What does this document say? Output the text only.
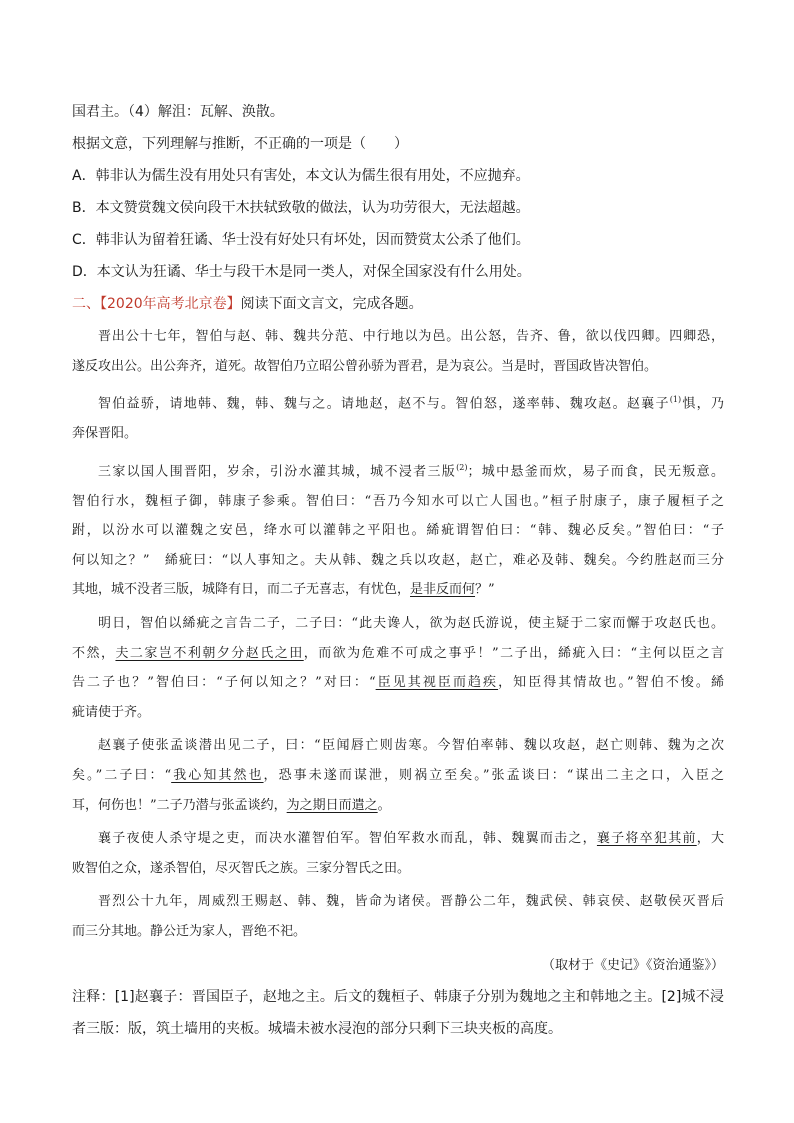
国君主。（4）解沮：瓦解、涣散。
根据文意，下列理解与推断，不正确的一项是（　　）
A．韩非认为儒生没有用处只有害处，本文认为儒生很有用处，不应抛弃。
B．本文赞赏魏文侯向段干木扶轼致敬的做法，认为功劳很大，无法超越。
C．韩非认为留着狂谲、华士没有好处只有坏处，因而赞赏太公杀了他们。
D．本文认为狂谲、华士与段干木是同一类人，对保全国家没有什么用处。
二、【2020年高考北京卷】阅读下面文言文，完成各题。
晋出公十七年，智伯与赵、韩、魏共分范、中行地以为邑。出公怒，告齐、鲁，欲以伐四卿。四卿恐，
遂反攻出公。出公奔齐，道死。故智伯乃立昭公曾孙骄为晋君，是为哀公。当是时，晋国政皆决智伯。
智伯益骄，请地韩、魏，韩、魏与之。请地赵，赵不与。智伯怒，遂率韩、魏攻赵。赵襄子$^{(1)}$惧，乃
奔保晋阳。
三家以国人围晋阳，岁余，引汾水灌其城，城不浸者三版$^{(2)}$；城中悬釜而炊，易子而食，民无叛意。
智伯行水，魏桓子御，韩康子参乘。智伯曰：“吾乃今知水可以亡人国也。”桓子肘康子，康子履桓子之
跗，以汾水可以灌魏之安邑，绛水可以灌韩之平阳也。絺疵谓智伯曰：“韩、魏必反矣。”智伯曰：“子
何以知之？”　絺疵曰：“以人事知之。夫从韩、魏之兵以攻赵，赵亡，难必及韩、魏矣。今约胜赵而三分
其地，城不没者三版，城降有日，而二子无喜志，有忧色，是非反而何？”
明日，智伯以絺疵之言告二子，二子曰：“此夫谗人，欲为赵氏游说，使主疑于二家而懈于攻赵氏也。
不然，夫二家岂不利朝夕分赵氏之田，而欲为危难不可成之事乎！”二子出，絺疵入曰：“主何以臣之言
告二子也？”智伯曰：“子何以知之？”对曰：“臣见其视臣而趋疾，知臣得其情故也。”智伯不悛。絺
疵请使于齐。
赵襄子使张孟谈潜出见二子，曰：“臣闻唇亡则齿寒。今智伯率韩、魏以攻赵，赵亡则韩、魏为之次
矣。”二子曰：“我心知其然也，恐事未遂而谋泄，则祸立至矣。”张孟谈曰：“谋出二主之口，入臣之
耳，何伤也！”二子乃潜与张孟谈约，为之期日而遣之。
襄子夜使人杀守堤之吏，而决水灌智伯军。智伯军救水而乱，韩、魏翼而击之，襄子将卒犯其前，大
败智伯之众，遂杀智伯，尽灭智氏之族。三家分智氏之田。
晋烈公十九年，周威烈王赐赵、韩、魏，皆命为诸侯。晋静公二年，魏武侯、韩哀侯、赵敬侯灭晋后
而三分其地。静公迁为家人，晋绝不祀。
（取材于《史记》《资治通鉴》）
注释：[1]赵襄子：晋国臣子，赵地之主。后文的魏桓子、韩康子分别为魏地之主和韩地之主。[2]城不浸
者三版：版，筑土墙用的夹板。城墙未被水浸泡的部分只剩下三块夹板的高度。
